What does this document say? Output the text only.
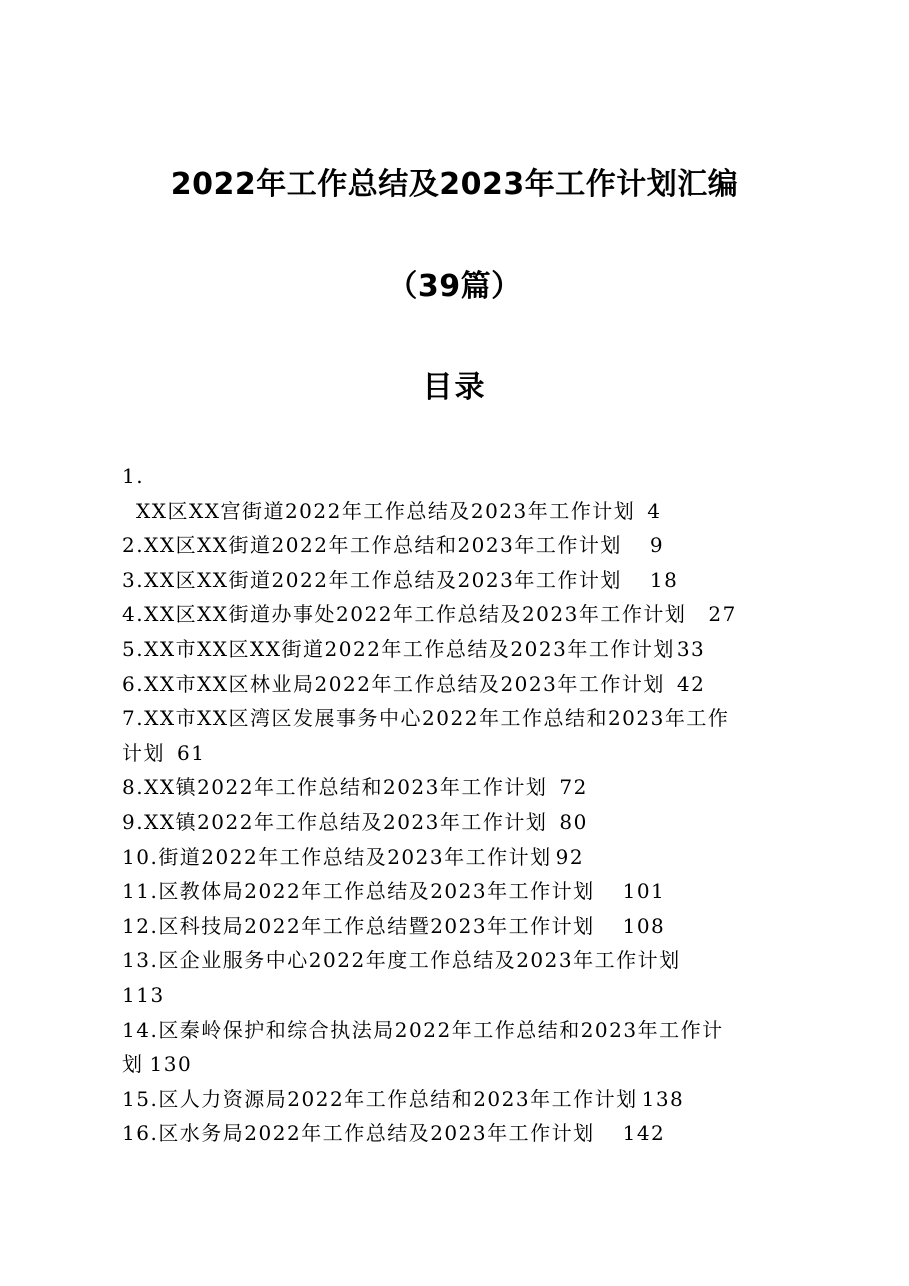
2022年工作总结及2023年工作计划汇编
（39篇）
目录
1.
XX区XX宫街道2022年工作总结及2023年工作计划 4
2.XX区XX街道2022年工作总结和2023年工作计划 9
3.XX区XX街道2022年工作总结及2023年工作计划 18
4.XX区XX街道办事处2022年工作总结及2023年工作计划 27
5.XX市XX区XX街道2022年工作总结及2023年工作计划 33
6.XX市XX区林业局2022年工作总结及2023年工作计划 42
7.XX市XX区湾区发展事务中心2022年工作总结和2023年工作
计划 61
8.XX镇2022年工作总结和2023年工作计划 72
9.XX镇2022年工作总结及2023年工作计划 80
10.街道2022年工作总结及2023年工作计划 92
11.区教体局2022年工作总结及2023年工作计划 101
12.区科技局2022年工作总结暨2023年工作计划 108
13.区企业服务中心2022年度工作总结及2023年工作计划
113
14.区秦岭保护和综合执法局2022年工作总结和2023年工作计
划 130
15.区人力资源局2022年工作总结和2023年工作计划 138
16.区水务局2022年工作总结及2023年工作计划 142
